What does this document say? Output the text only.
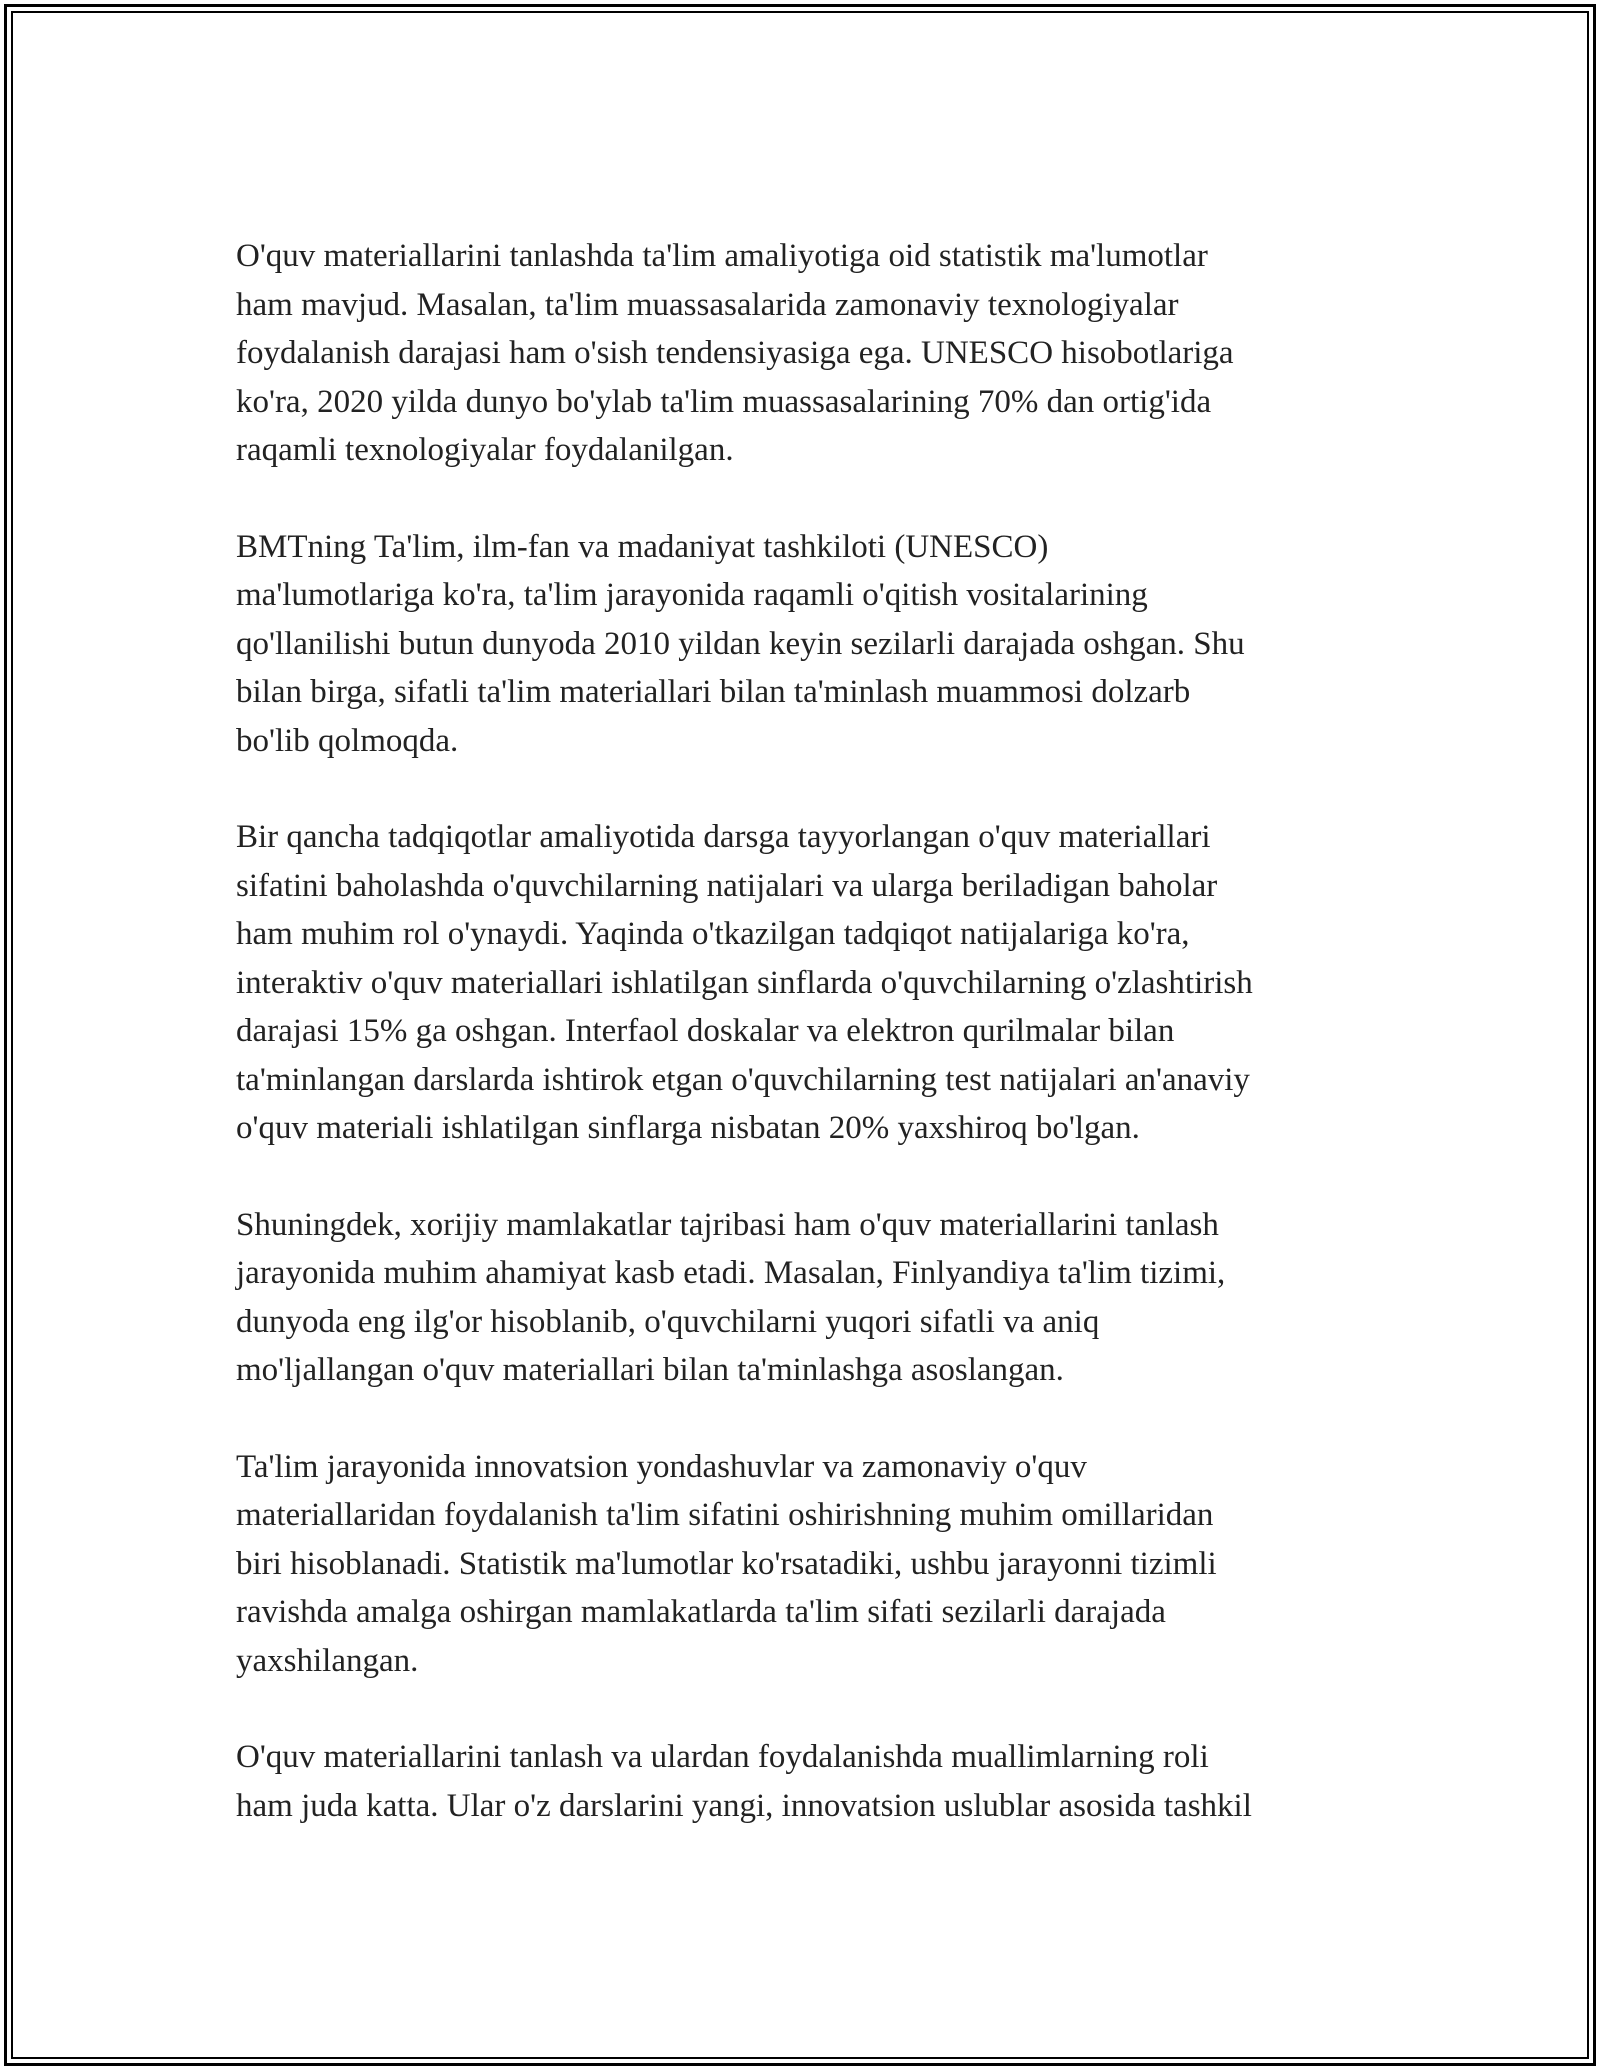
O'quv materiallarini tanlashda ta'lim amaliyotiga oid statistik ma'lumotlar
ham mavjud. Masalan, ta'lim muassasalarida zamonaviy texnologiyalar
foydalanish darajasi ham o'sish tendensiyasiga ega. UNESCO hisobotlariga
ko'ra, 2020 yilda dunyo bo'ylab ta'lim muassasalarining 70% dan ortig'ida
raqamli texnologiyalar foydalanilgan.

BMTning Ta'lim, ilm-fan va madaniyat tashkiloti (UNESCO)
ma'lumotlariga ko'ra, ta'lim jarayonida raqamli o'qitish vositalarining
qo'llanilishi butun dunyoda 2010 yildan keyin sezilarli darajada oshgan. Shu
bilan birga, sifatli ta'lim materiallari bilan ta'minlash muammosi dolzarb
bo'lib qolmoqda.

Bir qancha tadqiqotlar amaliyotida darsga tayyorlangan o'quv materiallari
sifatini baholashda o'quvchilarning natijalari va ularga beriladigan baholar
ham muhim rol o'ynaydi. Yaqinda o'tkazilgan tadqiqot natijalariga ko'ra,
interaktiv o'quv materiallari ishlatilgan sinflarda o'quvchilarning o'zlashtirish
darajasi 15% ga oshgan. Interfaol doskalar va elektron qurilmalar bilan
ta'minlangan darslarda ishtirok etgan o'quvchilarning test natijalari an'anaviy
o'quv materiali ishlatilgan sinflarga nisbatan 20% yaxshiroq bo'lgan.

Shuningdek, xorijiy mamlakatlar tajribasi ham o'quv materiallarini tanlash
jarayonida muhim ahamiyat kasb etadi. Masalan, Finlyandiya ta'lim tizimi,
dunyoda eng ilg'or hisoblanib, o'quvchilarni yuqori sifatli va aniq
mo'ljallangan o'quv materiallari bilan ta'minlashga asoslangan.

Ta'lim jarayonida innovatsion yondashuvlar va zamonaviy o'quv
materiallaridan foydalanish ta'lim sifatini oshirishning muhim omillaridan
biri hisoblanadi. Statistik ma'lumotlar ko'rsatadiki, ushbu jarayonni tizimli
ravishda amalga oshirgan mamlakatlarda ta'lim sifati sezilarli darajada
yaxshilangan.

O'quv materiallarini tanlash va ulardan foydalanishda muallimlarning roli
ham juda katta. Ular o'z darslarini yangi, innovatsion uslublar asosida tashkil
